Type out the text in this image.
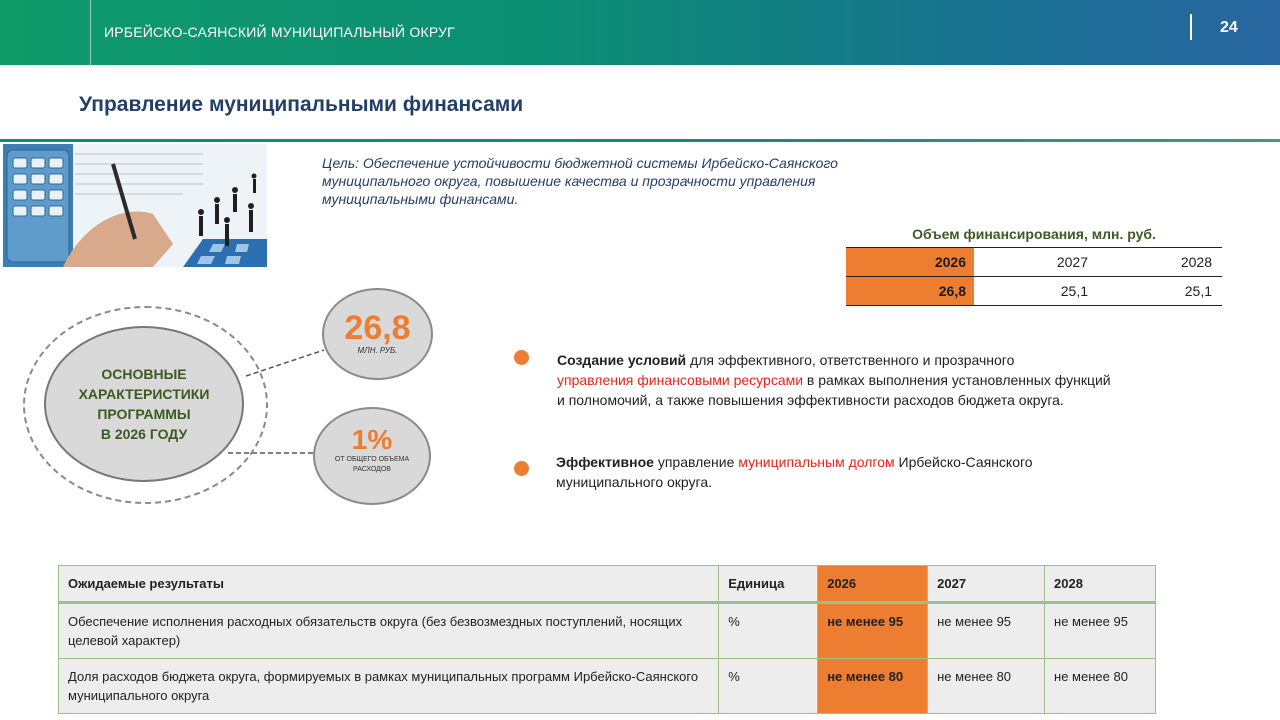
ИРБЕЙСКО-САЯНСКИЙ МУНИЦИПАЛЬНЫЙ ОКРУГ	24
Управление муниципальными финансами
Цель: Обеспечение устойчивости бюджетной системы Ирбейско-Саянского муниципального округа, повышение качества и прозрачности управления муниципальными финансами.
Объем финансирования, млн. руб.
2026	2027	2028
26,8	25,1	25,1
ОСНОВНЫЕ
ХАРАКТЕРИСТИКИ
ПРОГРАММЫ
В 2026 ГОДУ
26,8
МЛН. РУБ.
1%
ОТ ОБЩЕГО ОБЪЕМА РАСХОДОВ
Создание условий для эффективного, ответственного и прозрачного
управления финансовыми ресурсами в рамках выполнения установленных функций и полномочий, а также повышения эффективности расходов бюджета округа.
Эффективное управление муниципальным долгом Ирбейско-Саянского муниципального округа.
Ожидаемые результаты	Единица	2026	2027	2028
Обеспечение исполнения расходных обязательств округа (без безвозмездных поступлений, носящих целевой характер)	%	не менее 95	не менее 95	не менее 95
Доля расходов бюджета округа, формируемых в рамках муниципальных программ Ирбейско-Саянского муниципального округа	%	не менее 80	не менее 80	не менее 80
